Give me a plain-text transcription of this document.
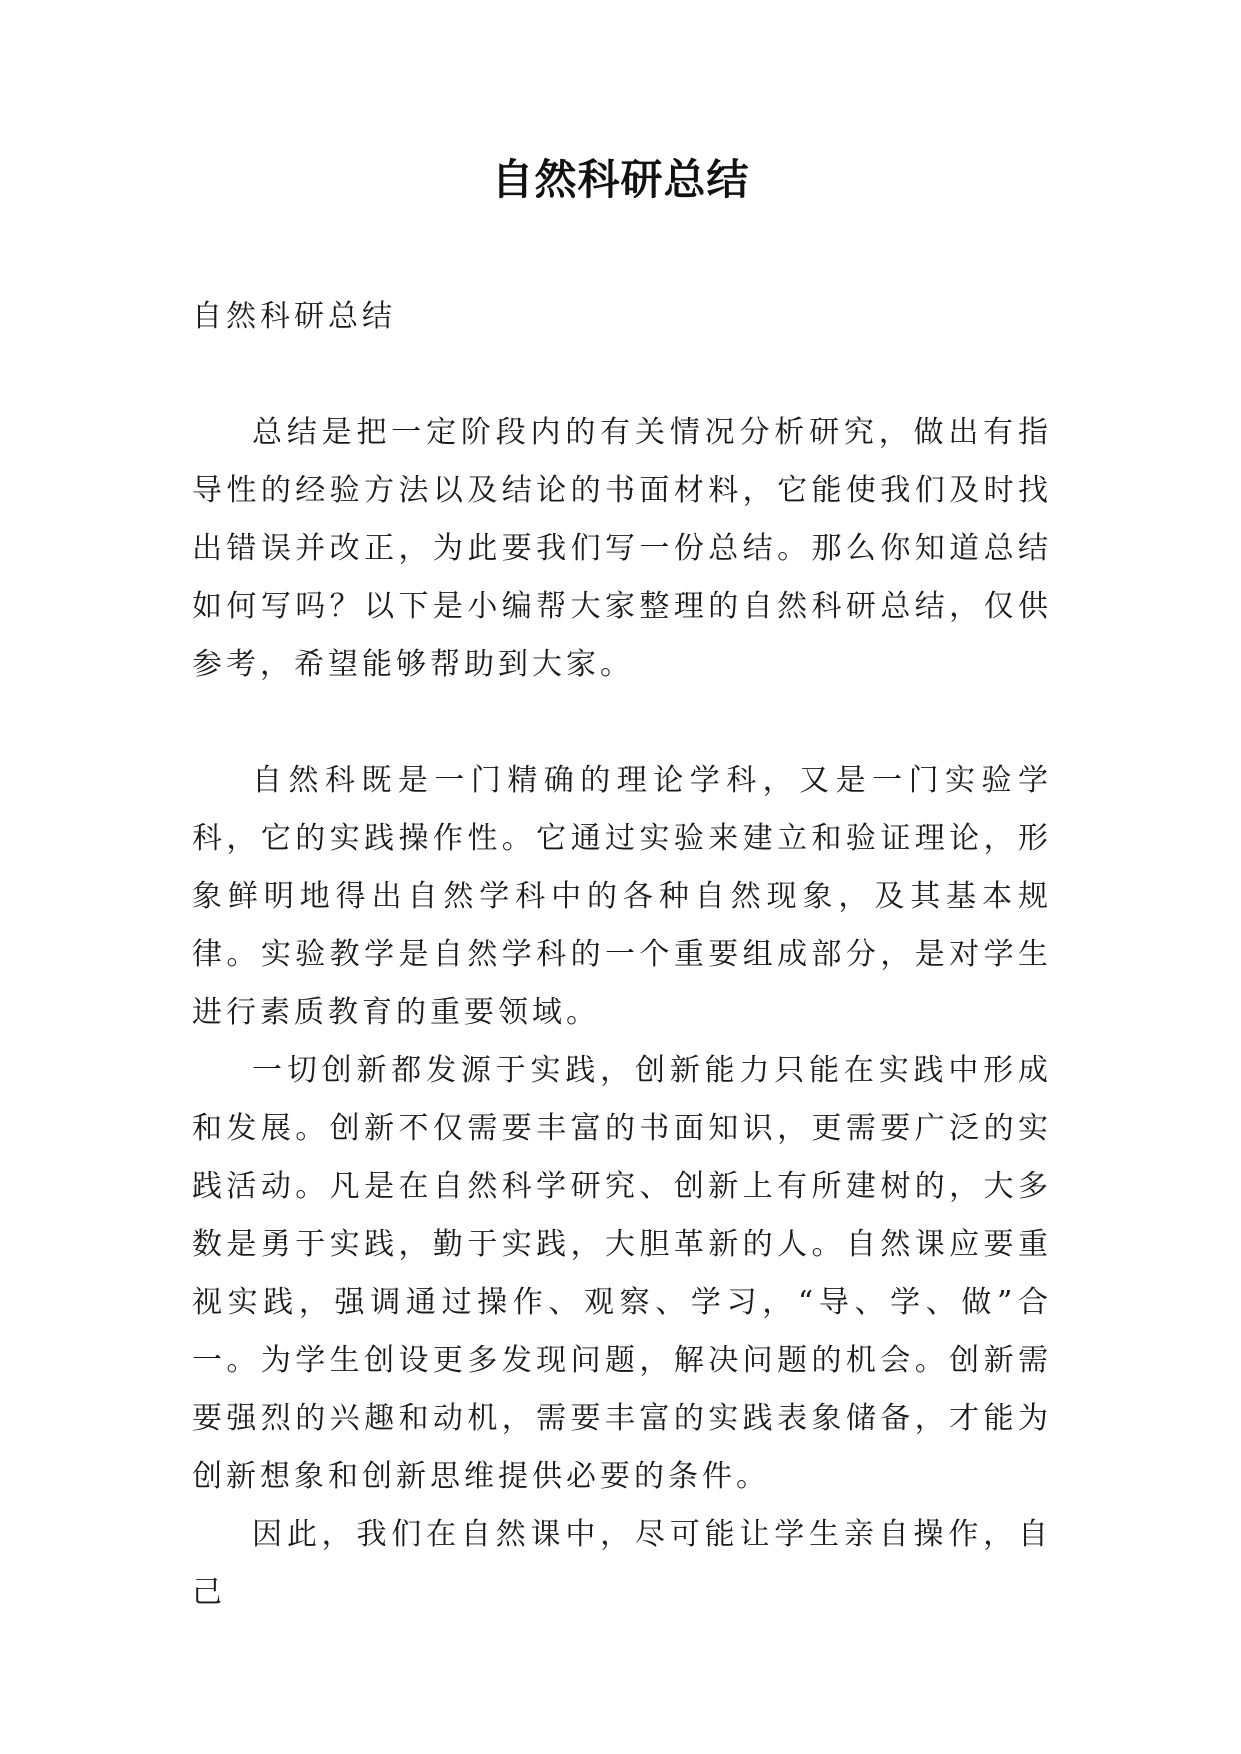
自然科研总结

自然科研总结

总结是把一定阶段内的有关情况分析研究，做出有指导性的经验方法以及结论的书面材料，它能使我们及时找出错误并改正，为此要我们写一份总结。那么你知道总结如何写吗？以下是小编帮大家整理的自然科研总结，仅供参考，希望能够帮助到大家。

自然科既是一门精确的理论学科，又是一门实验学科，它的实践操作性。它通过实验来建立和验证理论，形象鲜明地得出自然学科中的各种自然现象，及其基本规律。实验教学是自然学科的一个重要组成部分，是对学生进行素质教育的重要领域。

一切创新都发源于实践，创新能力只能在实践中形成和发展。创新不仅需要丰富的书面知识，更需要广泛的实践活动。凡是在自然科学研究、创新上有所建树的，大多数是勇于实践，勤于实践，大胆革新的人。自然课应要重视实践，强调通过操作、观察、学习，“导、学、做”合一。为学生创设更多发现问题，解决问题的机会。创新需要强烈的兴趣和动机，需要丰富的实践表象储备，才能为创新想象和创新思维提供必要的条件。

因此，我们在自然课中，尽可能让学生亲自操作，自己
